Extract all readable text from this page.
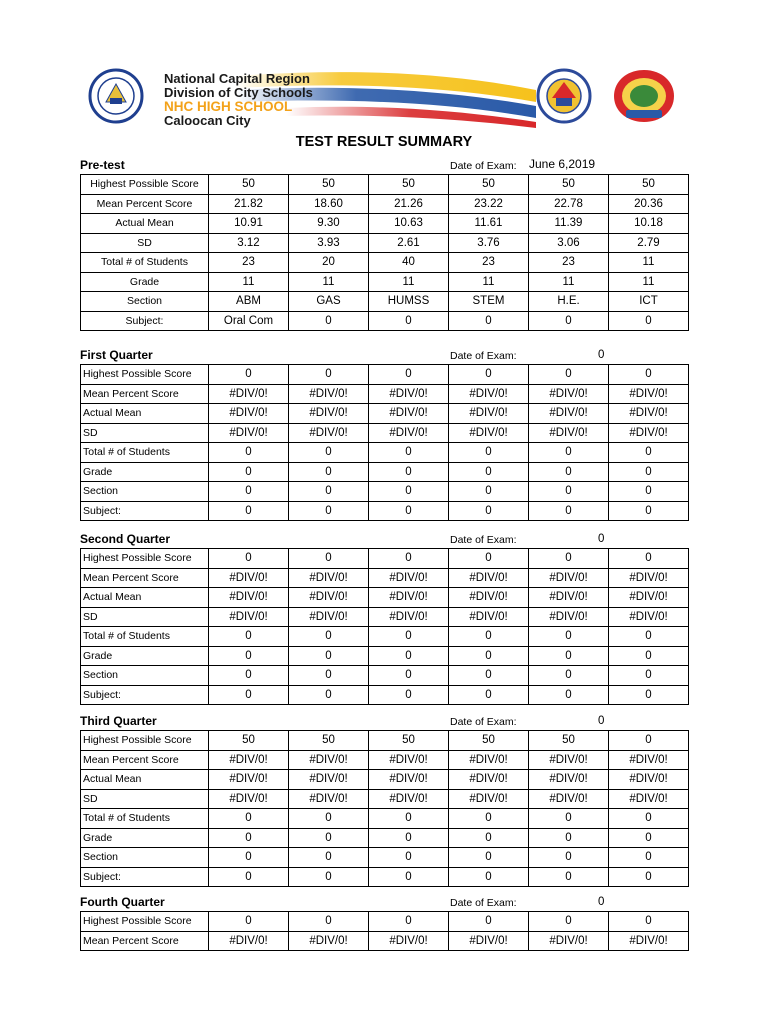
National Capital Region
Division of City Schools
NHC HIGH SCHOOL
Caloocan City
TEST RESULT SUMMARY
Pre-test	Date of Exam: June 6,2019
Highest Possible Score	50	50	50	50	50	50
Mean Percent Score	21.82	18.60	21.26	23.22	22.78	20.36
Actual Mean	10.91	9.30	10.63	11.61	11.39	10.18
SD	3.12	3.93	2.61	3.76	3.06	2.79
Total # of Students	23	20	40	23	23	11
Grade	11	11	11	11	11	11
Section	ABM	GAS	HUMSS	STEM	H.E.	ICT
Subject:	Oral Com	0	0	0	0	0
First Quarter	Date of Exam:	0
Highest Possible Score	0	0	0	0	0	0
Mean Percent Score	#DIV/0!	#DIV/0!	#DIV/0!	#DIV/0!	#DIV/0!	#DIV/0!
Actual Mean	#DIV/0!	#DIV/0!	#DIV/0!	#DIV/0!	#DIV/0!	#DIV/0!
SD	#DIV/0!	#DIV/0!	#DIV/0!	#DIV/0!	#DIV/0!	#DIV/0!
Total # of Students	0	0	0	0	0	0
Grade	0	0	0	0	0	0
Section	0	0	0	0	0	0
Subject:	0	0	0	0	0	0
Second Quarter	Date of Exam:	0
Highest Possible Score	0	0	0	0	0	0
Mean Percent Score	#DIV/0!	#DIV/0!	#DIV/0!	#DIV/0!	#DIV/0!	#DIV/0!
Actual Mean	#DIV/0!	#DIV/0!	#DIV/0!	#DIV/0!	#DIV/0!	#DIV/0!
SD	#DIV/0!	#DIV/0!	#DIV/0!	#DIV/0!	#DIV/0!	#DIV/0!
Total # of Students	0	0	0	0	0	0
Grade	0	0	0	0	0	0
Section	0	0	0	0	0	0
Subject:	0	0	0	0	0	0
Third Quarter	Date of Exam:	0
Highest Possible Score	50	50	50	50	50	0
Mean Percent Score	#DIV/0!	#DIV/0!	#DIV/0!	#DIV/0!	#DIV/0!	#DIV/0!
Actual Mean	#DIV/0!	#DIV/0!	#DIV/0!	#DIV/0!	#DIV/0!	#DIV/0!
SD	#DIV/0!	#DIV/0!	#DIV/0!	#DIV/0!	#DIV/0!	#DIV/0!
Total # of Students	0	0	0	0	0	0
Grade	0	0	0	0	0	0
Section	0	0	0	0	0	0
Subject:	0	0	0	0	0	0
Fourth Quarter	Date of Exam:	0
Highest Possible Score	0	0	0	0	0	0
Mean Percent Score	#DIV/0!	#DIV/0!	#DIV/0!	#DIV/0!	#DIV/0!	#DIV/0!
